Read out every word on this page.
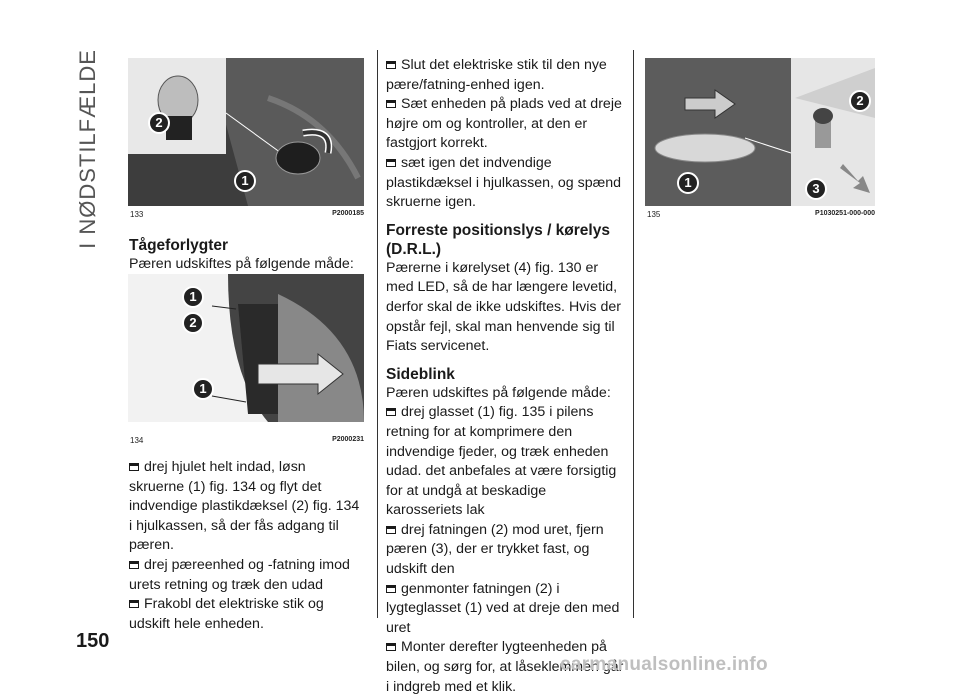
I NØDSTILFÆLDE	2
1
133	P2000185
Tågeforlygter

Pæren udskiftes på følgende måde:

1
2
1
134	P2000231

drej hjulet helt indad, løsn skruerne (1) fig. 134 og flyt det indvendige plastikdæksel (2) fig. 134 i hjulkassen, så der fås adgang til pæren.

drej pæreenhed og -fatning imod urets retning og træk den udad

Frakobl det elektriske stik og udskift hele enheden.

Slut det elektriske stik til den nye pære/fatning-enhed igen.

Sæt enheden på plads ved at dreje højre om og kontroller, at den er fastgjort korrekt.

sæt igen det indvendige plastikdæksel i hjulkassen, og spænd skruerne igen.

Forreste positionslys / kørelys (D.R.L.)

Pærerne i kørelyset (4) fig. 130 er med LED, så de har længere levetid, derfor skal de ikke udskiftes. Hvis der opstår fejl, skal man henvende sig til Fiats servicenet.

Sideblink

Pæren udskiftes på følgende måde:

drej glasset (1) fig. 135 i pilens retning for at komprimere den indvendige fjeder, og træk enheden udad. det anbefales at være forsigtig for at undgå at beskadige karosseriets lak

drej fatningen (2) mod uret, fjern pæren (3), der er trykket fast, og udskift den

genmonter fatningen (2) i lygteglasset (1) ved at dreje den med uret

Monter derefter lygteenheden på bilen, og sørg for, at låseklemmen går i indgreb med et klik.

2
1	3
135	P1030251-000-000
150
carmanualsonline.info
